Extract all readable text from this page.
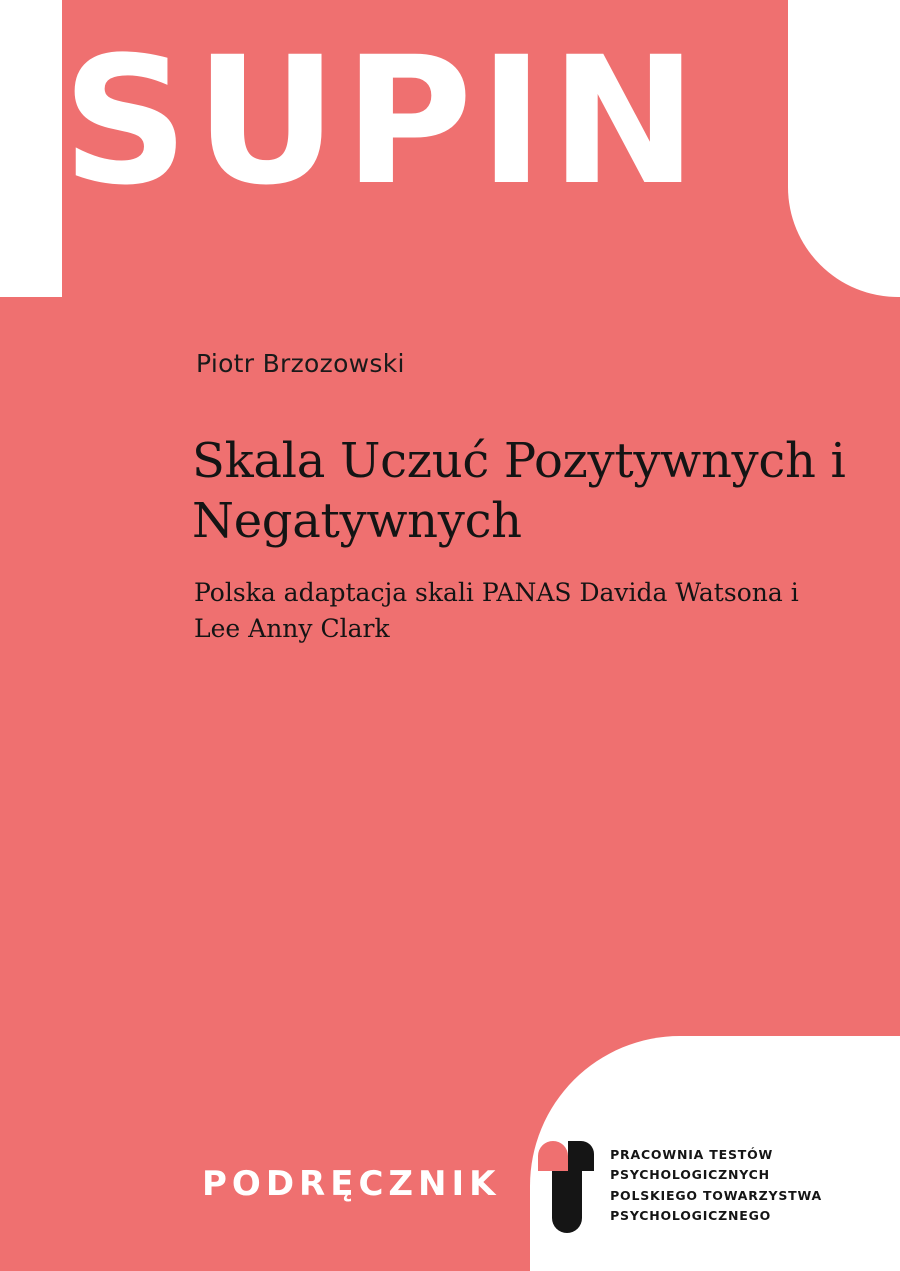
SUPIN
Piotr Brzozowski
Skala Uczuć Pozytywnych i Negatywnych
Polska adaptacja skali PANAS Davida Watsona i Lee Anny Clark
PODRĘCZNIK
PRACOWNIA TESTÓW
PSYCHOLOGICZNYCH
POLSKIEGO TOWARZYSTWA
PSYCHOLOGICZNEGO
